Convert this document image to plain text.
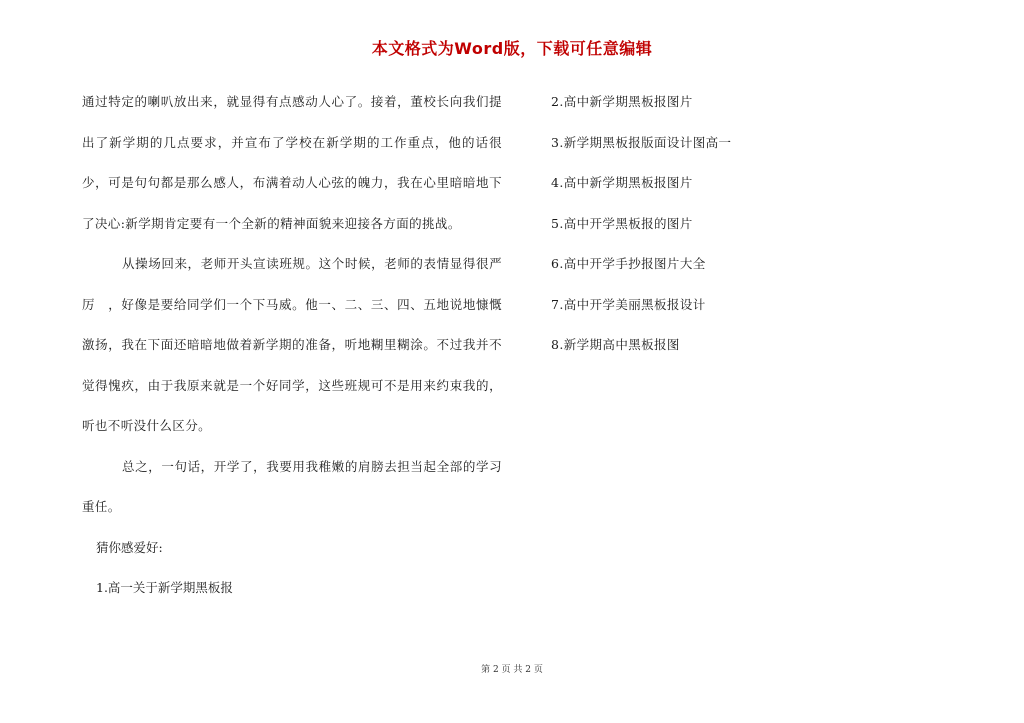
本文格式为Word版，下载可任意编辑

通过特定的喇叭放出来，就显得有点感动人心了。接着，董校长向我们提出了新学期的几点要求，并宣布了学校在新学期的工作重点，他的话很少，可是句句都是那么感人，布满着动人心弦的魄力，我在心里暗暗地下了决心:新学期肯定要有一个全新的精神面貌来迎接各方面的挑战。

从操场回来，老师开头宣读班规。这个时候，老师的表情显得很严厉　，好像是要给同学们一个下马威。他一、二、三、四、五地说地慷慨激扬，我在下面还暗暗地做着新学期的准备，听地糊里糊涂。不过我并不觉得愧疚，由于我原来就是一个好同学，这些班规可不是用来约束我的，听也不听没什么区分。

总之，一句话，开学了，我要用我稚嫩的肩膀去担当起全部的学习重任。

猜你感爱好:

1.高一关于新学期黑板报
2.高中新学期黑板报图片
3.新学期黑板报版面设计图高一
4.高中新学期黑板报图片
5.高中开学黑板报的图片
6.高中开学手抄报图片大全
7.高中开学美丽黑板报设计
8.新学期高中黑板报图
第 2 页 共 2 页
